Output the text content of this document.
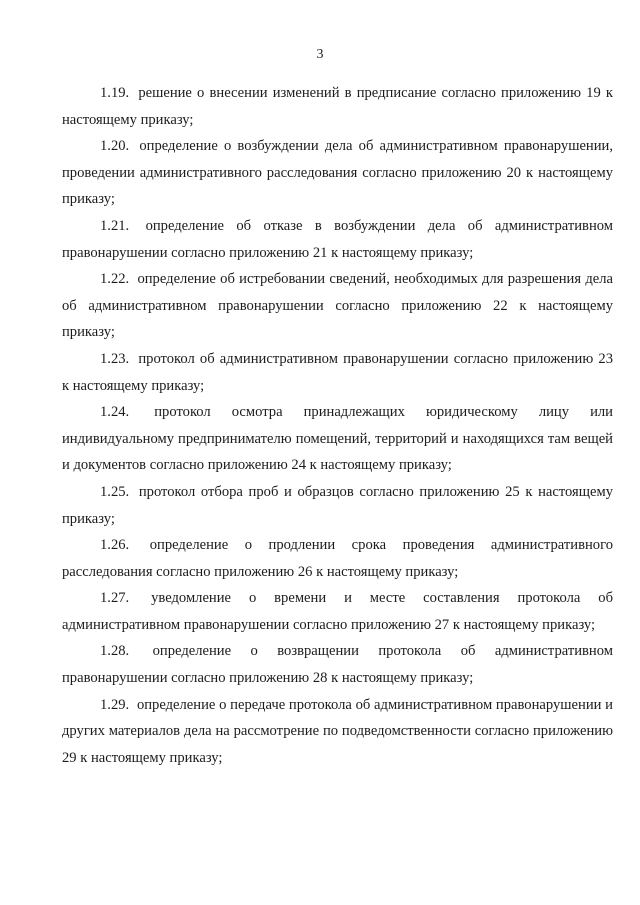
3

1.19. решение о внесении изменений в предписание согласно приложению 19 к настоящему приказу;

1.20. определение о возбуждении дела об административном правонарушении, проведении административного расследования согласно приложению 20 к настоящему приказу;

1.21. определение об отказе в возбуждении дела об административном правонарушении согласно приложению 21 к настоящему приказу;

1.22. определение об истребовании сведений, необходимых для разрешения дела об административном правонарушении согласно приложению 22 к настоящему приказу;

1.23. протокол об административном правонарушении согласно приложению 23 к настоящему приказу;

1.24. протокол осмотра принадлежащих юридическому лицу или индивидуальному предпринимателю помещений, территорий и находящихся там вещей и документов согласно приложению 24 к настоящему приказу;

1.25. протокол отбора проб и образцов согласно приложению 25 к настоящему приказу;

1.26. определение о продлении срока проведения административного расследования согласно приложению 26 к настоящему приказу;

1.27. уведомление о времени и месте составления протокола об административном правонарушении согласно приложению 27 к настоящему приказу;

1.28. определение о возвращении протокола об административном правонарушении согласно приложению 28 к настоящему приказу;

1.29. определение о передаче протокола об административном правонарушении и других материалов дела на рассмотрение по подведомственности согласно приложению 29 к настоящему приказу;
